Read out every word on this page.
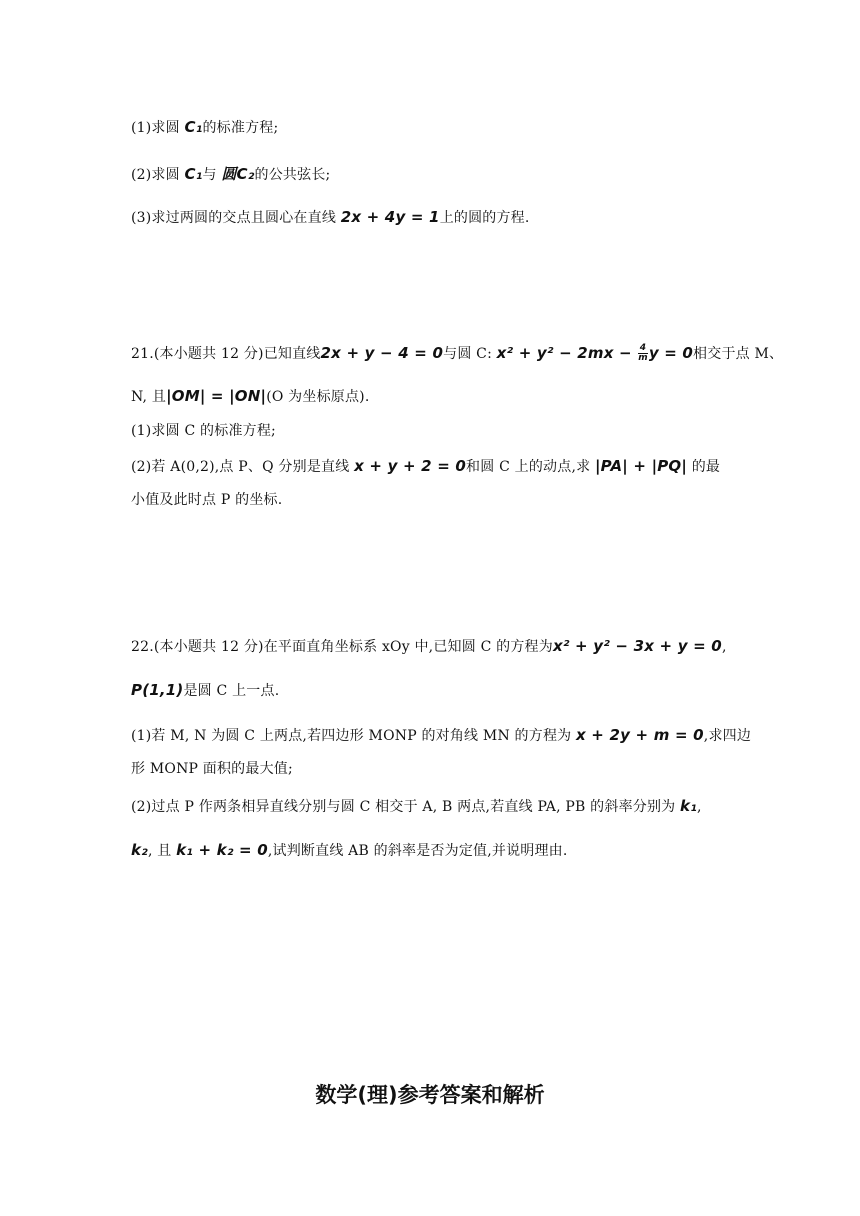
(1)求圆 C₁的标准方程;
(2)求圆 C₁与 圆C₂的公共弦长;
(3)求过两圆的交点且圆心在直线 2x + 4y = 1上的圆的方程.
21.(本小题共 12 分)已知直线2x + y − 4 = 0与圆 C: $x^2 + y^2 - 2mx - \frac{4}{m}$ y = 0相交于点 M、
N, 且|OM| = |ON|(O 为坐标原点).
(1)求圆 C 的标准方程;
(2)若 A(0,2),点 P、Q 分别是直线 x + y + 2 = 0和圆 C 上的动点,求 |PA| + |PQ| 的最
小值及此时点 P 的坐标.
22.(本小题共 12 分)在平面直角坐标系 xOy 中,已知圆 C 的方程为x² + y² − 3x + y = 0,
P(1,1)是圆 C 上一点.
(1)若 M, N 为圆 C 上两点,若四边形 MONP 的对角线 MN 的方程为 x + 2y + m = 0,求四边
形 MONP 面积的最大值;
(2)过点 P 作两条相异直线分别与圆 C 相交于 A, B 两点,若直线 PA, PB 的斜率分别为 k₁,
k₂, 且 k₁ + k₂ = 0,试判断直线 AB 的斜率是否为定值,并说明理由.
数学(理)参考答案和解析
